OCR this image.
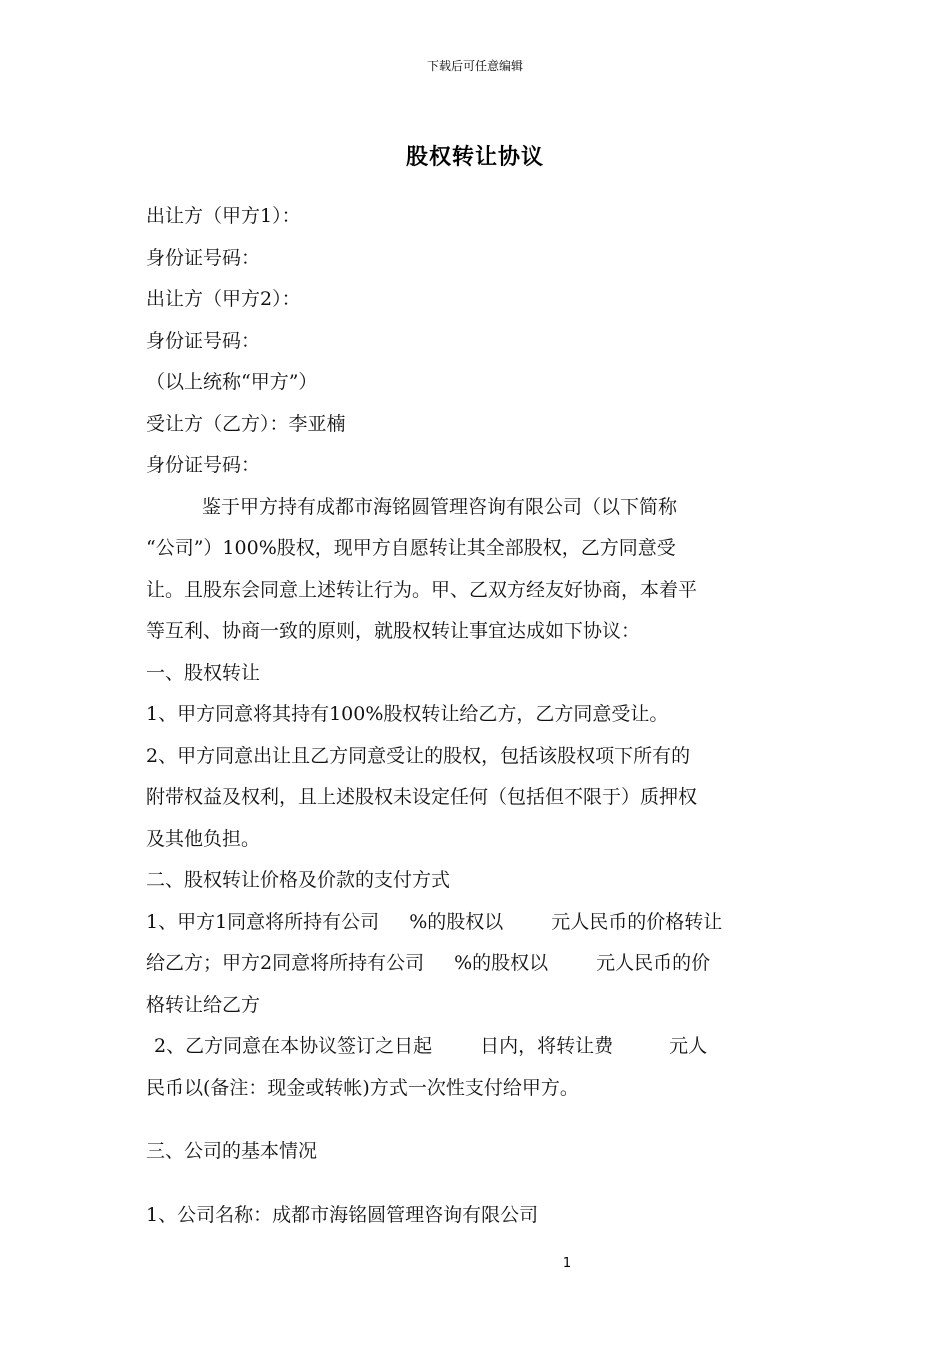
下载后可任意编辑
股权转让协议
出让方（甲方1）：
身份证号码：
出让方（甲方2）：
身份证号码：
（以上统称“甲方”）
受让方（乙方）：李亚楠
身份证号码：
鉴于甲方持有成都市海铭圆管理咨询有限公司（以下简称
“公司”）100%股权，现甲方自愿转让其全部股权，乙方同意受
让。且股东会同意上述转让行为。甲、乙双方经友好协商，本着平
等互利、协商一致的原则，就股权转让事宜达成如下协议：
一、股权转让
1、甲方同意将其持有100%股权转让给乙方，乙方同意受让。
2、甲方同意出让且乙方同意受让的股权，包括该股权项下所有的
附带权益及权利，且上述股权未设定任何（包括但不限于）质押权
及其他负担。
二、股权转让价格及价款的支付方式
1、甲方1同意将所持有公司 %的股权以	元人民币的价格转让
给乙方；甲方2同意将所持有公司 %的股权以	元人民币的价
格转让给乙方
2、乙方同意在本协议签订之日起	日内，将转让费	元人
民币以(备注：现金或转帐)方式一次性支付给甲方。
三、公司的基本情况
1、公司名称：成都市海铭圆管理咨询有限公司
1
